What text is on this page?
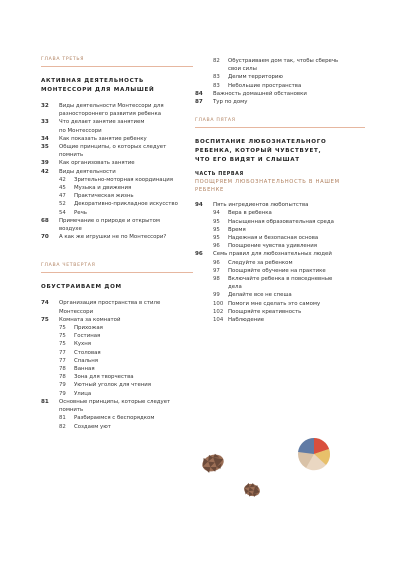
ГЛАВА ТРЕТЬЯ
АКТИВНАЯ ДЕЯТЕЛЬНОСТЬ
МОНТЕССОРИ ДЛЯ МАЛЫШЕЙ
32	Виды деятельности Монтессори для
разностороннего развития ребенка
33	Что делает занятие занятием
по Монтессори
34	Как показать занятие ребенку
35	Общие принципы, о которых следует
помнить
39	Как организовать занятие
42	Виды деятельности
42	Зрительно-моторная координация
45	Музыка и движения
47	Практическая жизнь
52	Декоративно-прикладное искусство
54	Речь
68	Примечание о природе и открытом
воздухе
70	А как же игрушки не по Монтессори?
ГЛАВА ЧЕТВЕРТАЯ
ОБУСТРАИВАЕМ ДОМ
74	Организация пространства в стиле
Монтессори
75	Комната за комнатой
75	Прихожая
75	Гостиная
75	Кухня
77	Столовая
77	Спальня
78	Ванная
78	Зона для творчества
79	Уютный уголок для чтения
79	Улица
81	Основные принципы, которые следует
помнить
81	Разбираемся с беспорядком
82	Создаем уют
82	Обустраиваем дом так, чтобы сберечь
свои силы
83	Делим территорию
83	Небольшие пространства
84	Важность домашней обстановки
87	Тур по дому
ГЛАВА ПЯТАЯ
ВОСПИТАНИЕ ЛЮБОЗНАТЕЛЬНОГО
РЕБЕНКА, КОТОРЫЙ ЧУВСТВУЕТ,
ЧТО ЕГО ВИДЯТ И СЛЫШАТ
ЧАСТЬ ПЕРВАЯ
ПООЩРЯЕМ ЛЮБОЗНАТЕЛЬНОСТЬ В НАШЕМ
РЕБЕНКЕ
94	Пять ингредиентов любопытства
94	Вера в ребенка
95	Насыщенная образовательная среда
95	Время
95	Надежная и безопасная основа
96	Поощрение чувства удивления
96	Семь правил для любознательных людей
96	Следуйте за ребенком
97	Поощряйте обучение на практике
98	Включайте ребенка в повседневные
дела
99	Делайте все не спеша
100 Помоги мне сделать это самому
102 Поощряйте креативность
104 Наблюдение
